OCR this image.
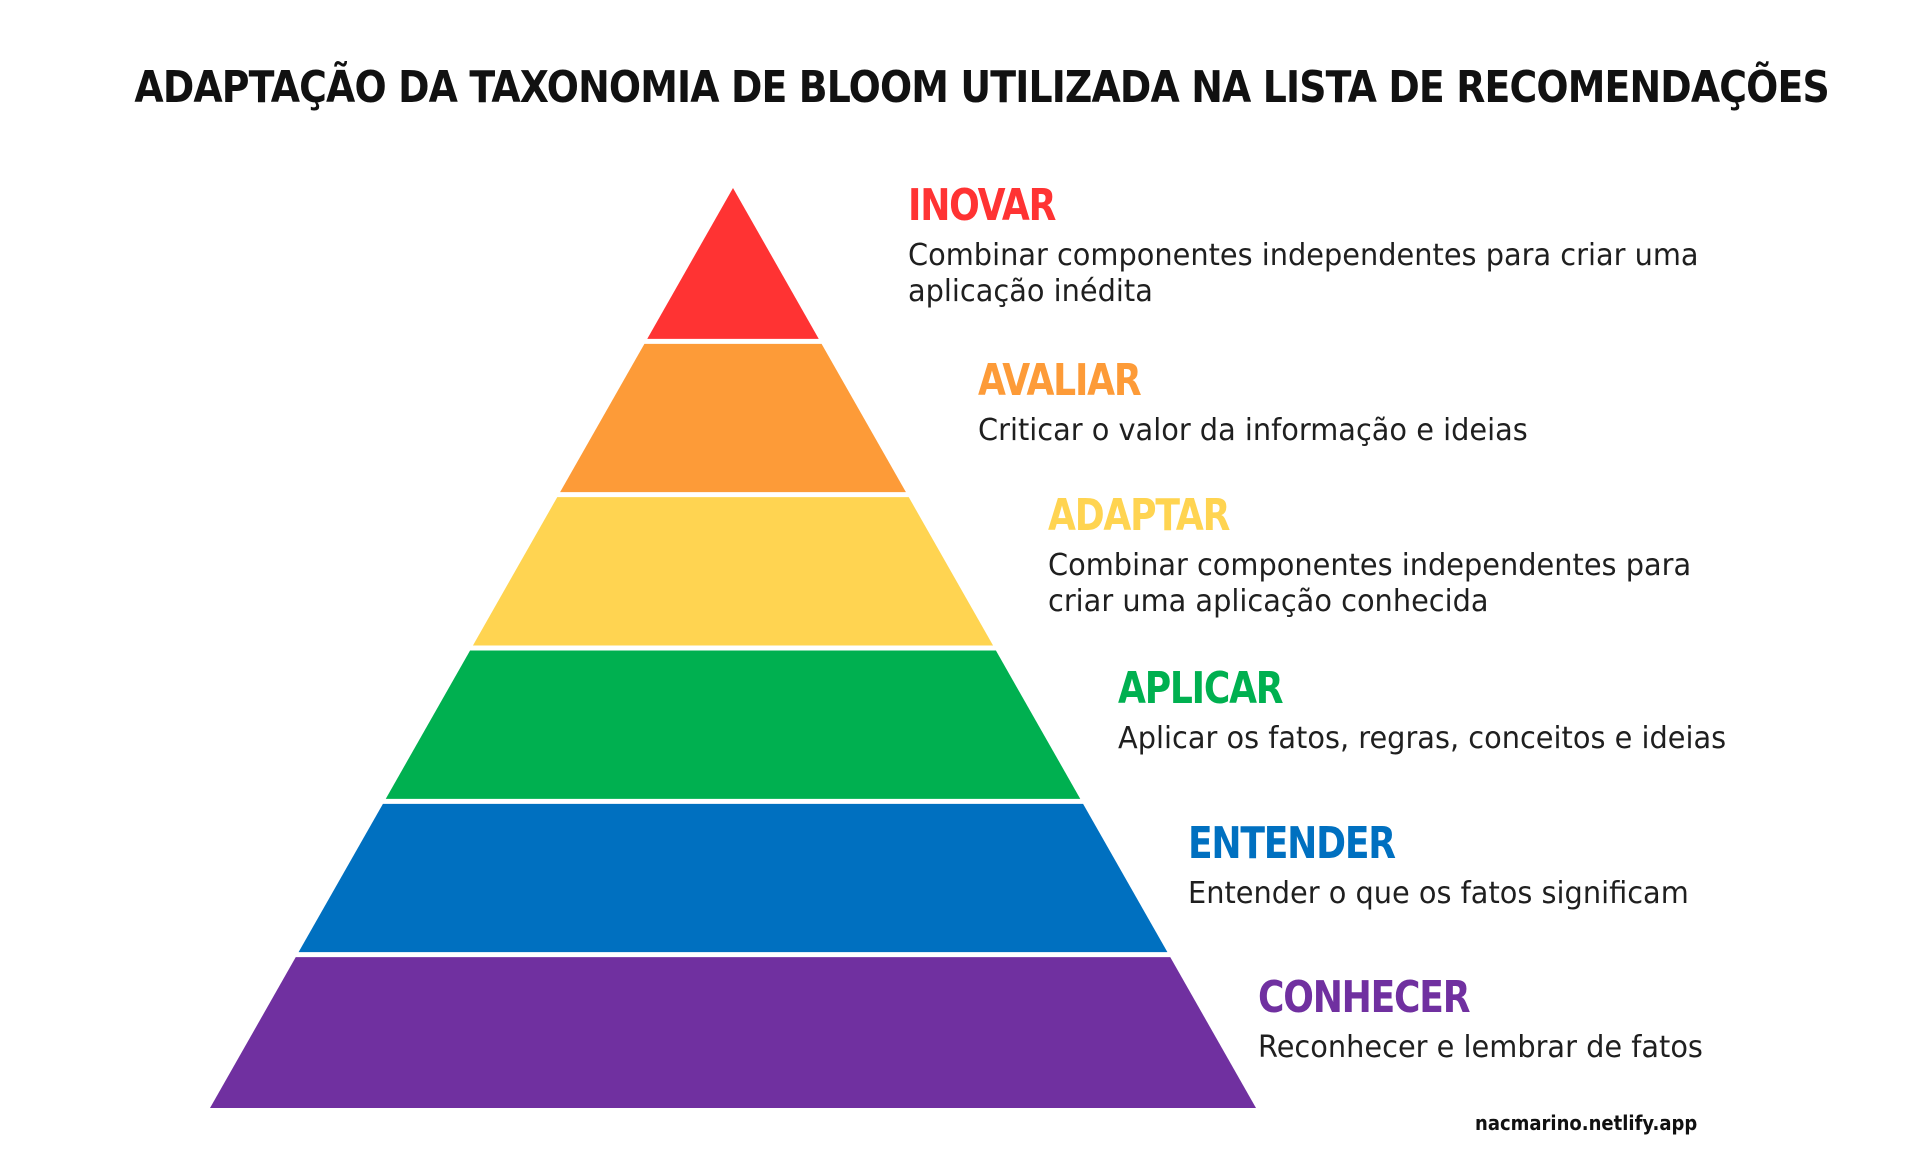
ADAPTAÇÃO DA TAXONOMIA DE BLOOM UTILIZADA NA LISTA DE RECOMENDAÇÕES
INOVAR
Combinar componentes independentes para criar uma
aplicação inédita
AVALIAR
Criticar o valor da informação e ideias
ADAPTAR
Combinar componentes independentes para
criar uma aplicação conhecida
APLICAR
Aplicar os fatos, regras, conceitos e ideias
ENTENDER
Entender o que os fatos significam
CONHECER
Reconhecer e lembrar de fatos
nacmarino.netlify.app
